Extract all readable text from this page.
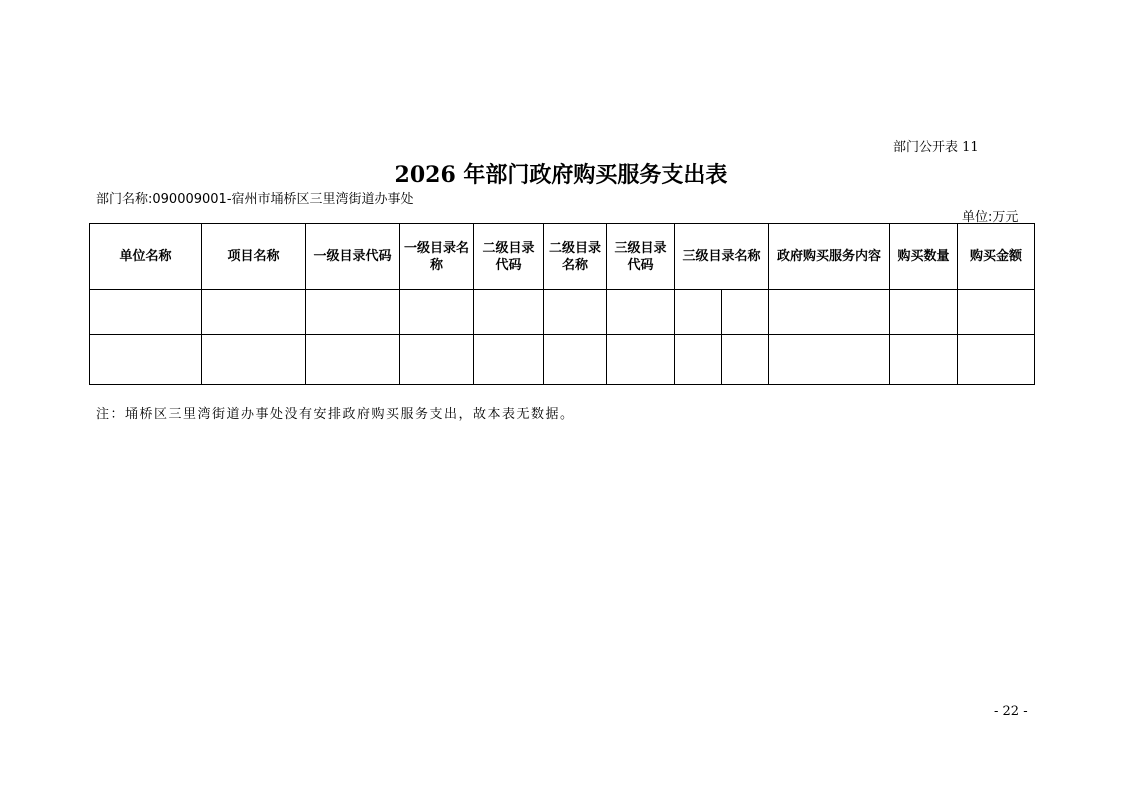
部门公开表 11
2026 年部门政府购买服务支出表
部门名称:090009001-宿州市埇桥区三里湾街道办事处
单位:万元
单位名称	项目名称	一级目录代码	一级目录名称	二级目录代码	二级目录名称	三级目录代码	三级目录名称		政府购买服务内容	购买数量	购买金额

注：埇桥区三里湾街道办事处没有安排政府购买服务支出，故本表无数据。
- 22 -
